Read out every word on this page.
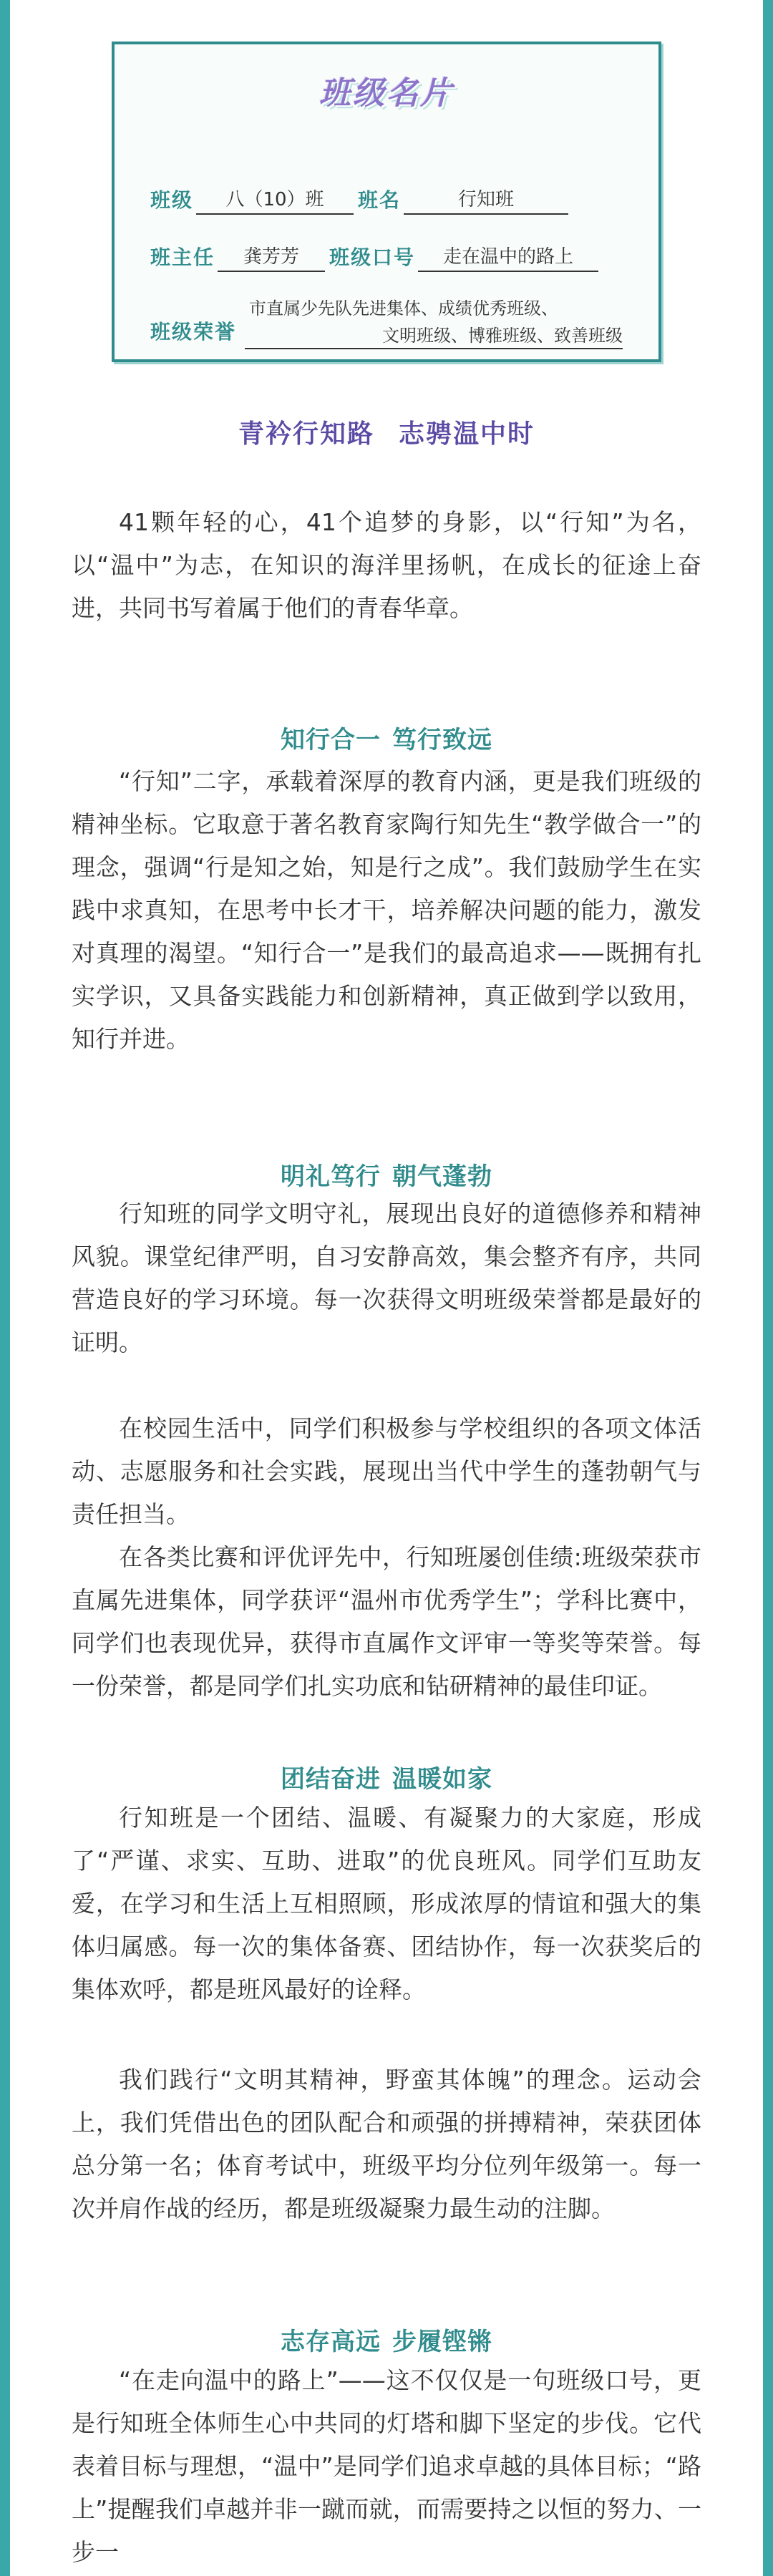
班级名片
班级	八（10）班	班名	行知班
班主任	龚芳芳	班级口号	走在温中的路上
班级荣誉
市直属少先队先进集体、成绩优秀班级、
文明班级、博雅班级、致善班级
青衿行知路 志骋温中时

41颗年轻的心，41个追梦的身影，以“行知”为名，以“温中”为志，在知识的海洋里扬帆，在成长的征途上奋进，共同书写着属于他们的青春华章。

知行合一 笃行致远

“行知”二字，承载着深厚的教育内涵，更是我们班级的精神坐标。它取意于著名教育家陶行知先生“教学做合一”的理念，强调“行是知之始，知是行之成”。我们鼓励学生在实践中求真知，在思考中长才干，培养解决问题的能力，激发对真理的渴望。“知行合一”是我们的最高追求——既拥有扎实学识，又具备实践能力和创新精神，真正做到学以致用，知行并进。

明礼笃行 朝气蓬勃

行知班的同学文明守礼，展现出良好的道德修养和精神风貌。课堂纪律严明，自习安静高效，集会整齐有序，共同营造良好的学习环境。每一次获得文明班级荣誉都是最好的证明。

在校园生活中，同学们积极参与学校组织的各项文体活动、志愿服务和社会实践，展现出当代中学生的蓬勃朝气与责任担当。

在各类比赛和评优评先中，行知班屡创佳绩:班级荣获市直属先进集体，同学获评“温州市优秀学生”；学科比赛中，同学们也表现优异，获得市直属作文评审一等奖等荣誉。每一份荣誉，都是同学们扎实功底和钻研精神的最佳印证。

团结奋进 温暖如家

行知班是一个团结、温暖、有凝聚力的大家庭，形成了“严谨、求实、互助、进取”的优良班风。同学们互助友爱，在学习和生活上互相照顾，形成浓厚的情谊和强大的集体归属感。每一次的集体备赛、团结协作，每一次获奖后的集体欢呼，都是班风最好的诠释。

我们践行“文明其精神，野蛮其体魄”的理念。运动会上，我们凭借出色的团队配合和顽强的拼搏精神，荣获团体总分第一名；体育考试中，班级平均分位列年级第一。每一次并肩作战的经历，都是班级凝聚力最生动的注脚。

志存高远 步履铿锵

“在走向温中的路上”——这不仅仅是一句班级口号，更是行知班全体师生心中共同的灯塔和脚下坚定的步伐。它代表着目标与理想，“温中”是同学们追求卓越的具体目标；“路上”提醒我们卓越并非一蹴而就，而需要持之以恒的努力、一步一
